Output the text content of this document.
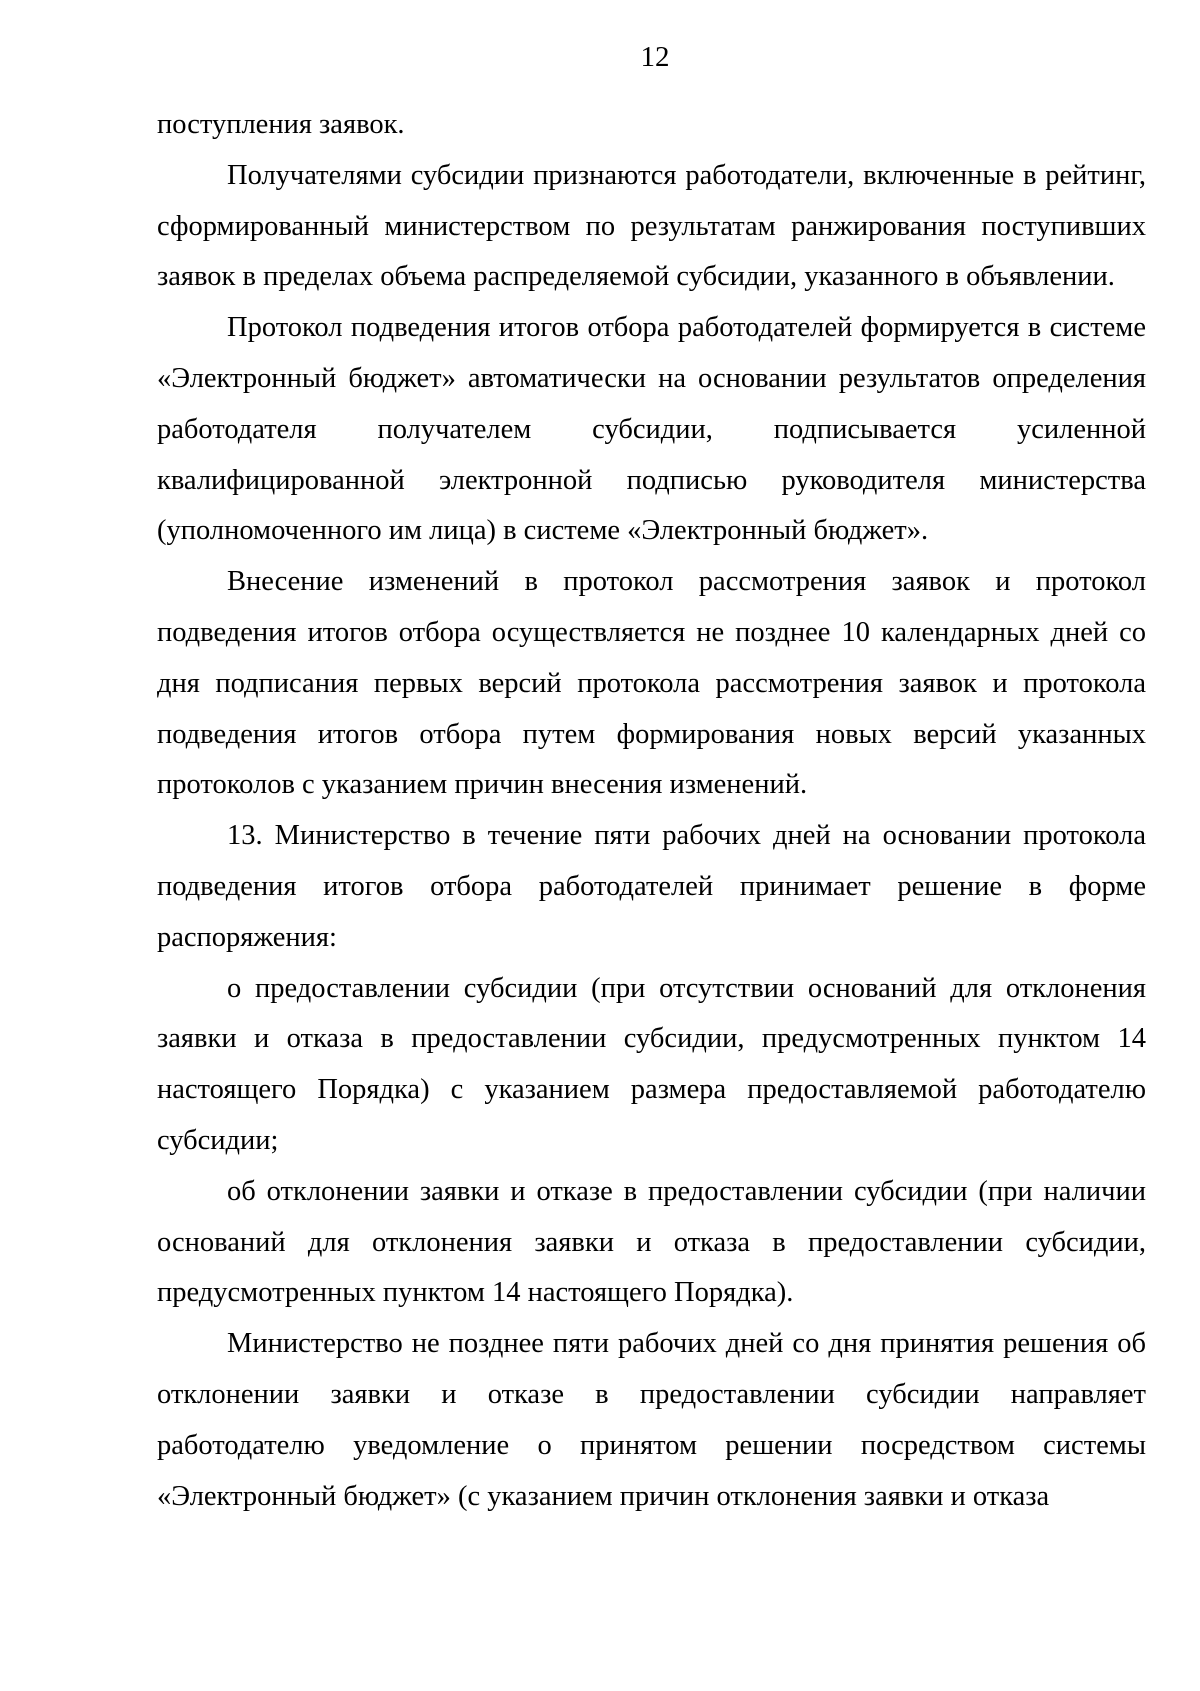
12

поступления заявок.

Получателями субсидии признаются работодатели, включенные в рейтинг, сформированный министерством по результатам ранжирования поступивших заявок в пределах объема распределяемой субсидии, указанного в объявлении.

Протокол подведения итогов отбора работодателей формируется в системе «Электронный бюджет» автоматически на основании результатов определения работодателя получателем субсидии, подписывается усиленной квалифицированной электронной подписью руководителя министерства (уполномоченного им лица) в системе «Электронный бюджет».

Внесение изменений в протокол рассмотрения заявок и протокол подведения итогов отбора осуществляется не позднее 10 календарных дней со дня подписания первых версий протокола рассмотрения заявок и протокола подведения итогов отбора путем формирования новых версий указанных протоколов с указанием причин внесения изменений.

13. Министерство в течение пяти рабочих дней на основании протокола подведения итогов отбора работодателей принимает решение в форме распоряжения:

о предоставлении субсидии (при отсутствии оснований для отклонения заявки и отказа в предоставлении субсидии, предусмотренных пунктом 14 настоящего Порядка) с указанием размера предоставляемой работодателю субсидии;

об отклонении заявки и отказе в предоставлении субсидии (при наличии оснований для отклонения заявки и отказа в предоставлении субсидии, предусмотренных пунктом 14 настоящего Порядка).

Министерство не позднее пяти рабочих дней со дня принятия решения об отклонении заявки и отказе в предоставлении субсидии направляет работодателю уведомление о принятом решении посредством системы «Электронный бюджет» (с указанием причин отклонения заявки и отказа
